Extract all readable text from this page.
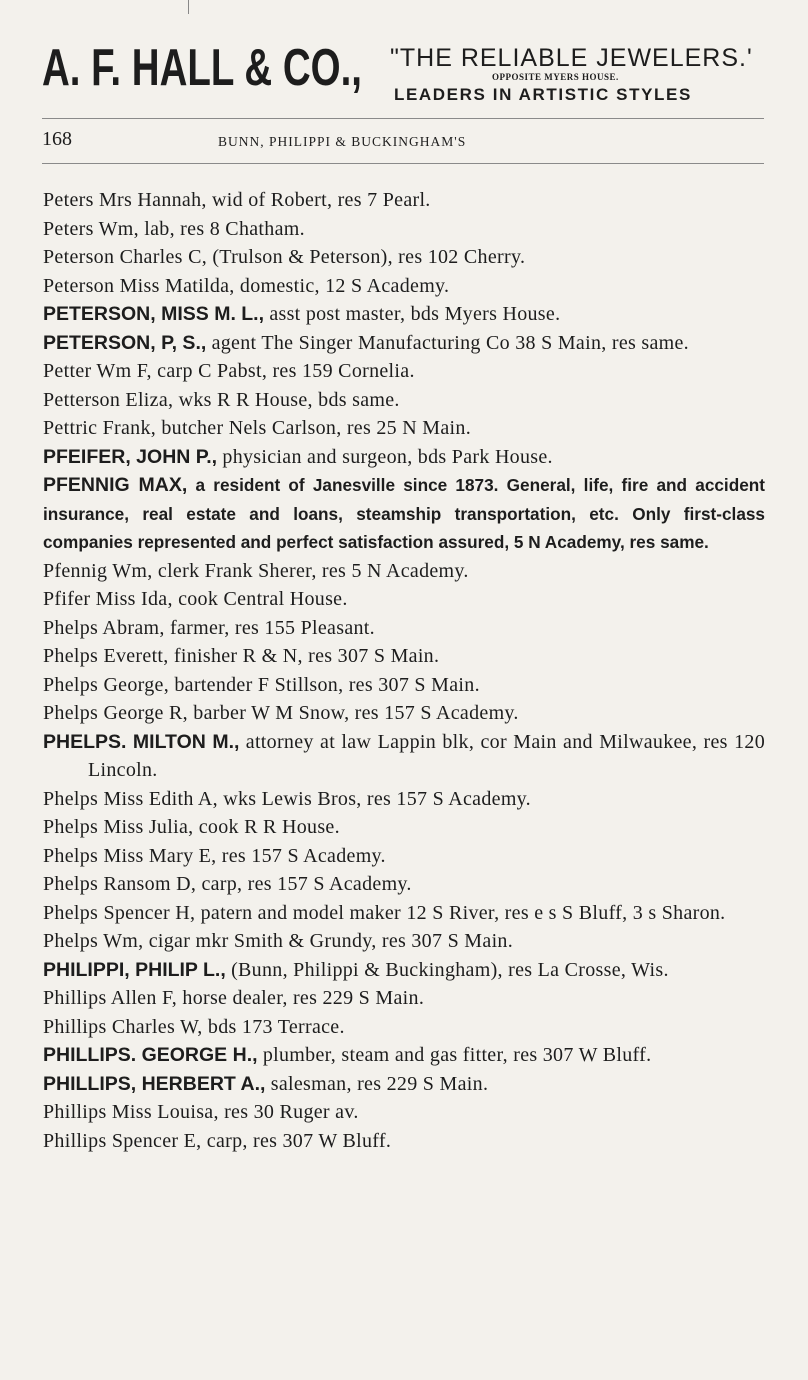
A. F. HALL & CO., "THE RELIABLE JEWELERS.'
OPPOSITE MYERS HOUSE.
LEADERS IN ARTISTIC STYLES
168	BUNN, PHILIPPI & BUCKINGHAM'S
Peters Mrs Hannah, wid of Robert, res 7 Pearl.
Peters Wm, lab, res 8 Chatham.
Peterson Charles C, (Trulson & Peterson), res 102 Cherry.
Peterson Miss Matilda, domestic, 12 S Academy.
PETERSON, MISS M. L., asst post master, bds Myers House.
PETERSON, P, S., agent The Singer Manufacturing Co 38 S Main, res same.
Petter Wm F, carp C Pabst, res 159 Cornelia.
Petterson Eliza, wks R R House, bds same.
Pettric Frank, butcher Nels Carlson, res 25 N Main.
PFEIFER, JOHN P., physician and surgeon, bds Park House.
PFENNIG MAX, a resident of Janesville since 1873. General, life, fire and accident insurance, real estate and loans, steamship transportation, etc. Only first-class companies represented and perfect satisfaction assured, 5 N Academy, res same.
Pfennig Wm, clerk Frank Sherer, res 5 N Academy.
Pfifer Miss Ida, cook Central House.
Phelps Abram, farmer, res 155 Pleasant.
Phelps Everett, finisher R & N, res 307 S Main.
Phelps George, bartender F Stillson, res 307 S Main.
Phelps George R, barber W M Snow, res 157 S Academy.
PHELPS. MILTON M., attorney at law Lappin blk, cor Main and Milwaukee, res 120 Lincoln.
Phelps Miss Edith A, wks Lewis Bros, res 157 S Academy.
Phelps Miss Julia, cook R R House.
Phelps Miss Mary E, res 157 S Academy.
Phelps Ransom D, carp, res 157 S Academy.
Phelps Spencer H, patern and model maker 12 S River, res e s S Bluff, 3 s Sharon.
Phelps Wm, cigar mkr Smith & Grundy, res 307 S Main.
PHILIPPI, PHILIP L., (Bunn, Philippi & Buckingham), res La Crosse, Wis.
Phillips Allen F, horse dealer, res 229 S Main.
Phillips Charles W, bds 173 Terrace.
PHILLIPS. GEORGE H., plumber, steam and gas fitter, res 307 W Bluff.
PHILLIPS, HERBERT A., salesman, res 229 S Main.
Phillips Miss Louisa, res 30 Ruger av.
Phillips Spencer E, carp, res 307 W Bluff.
